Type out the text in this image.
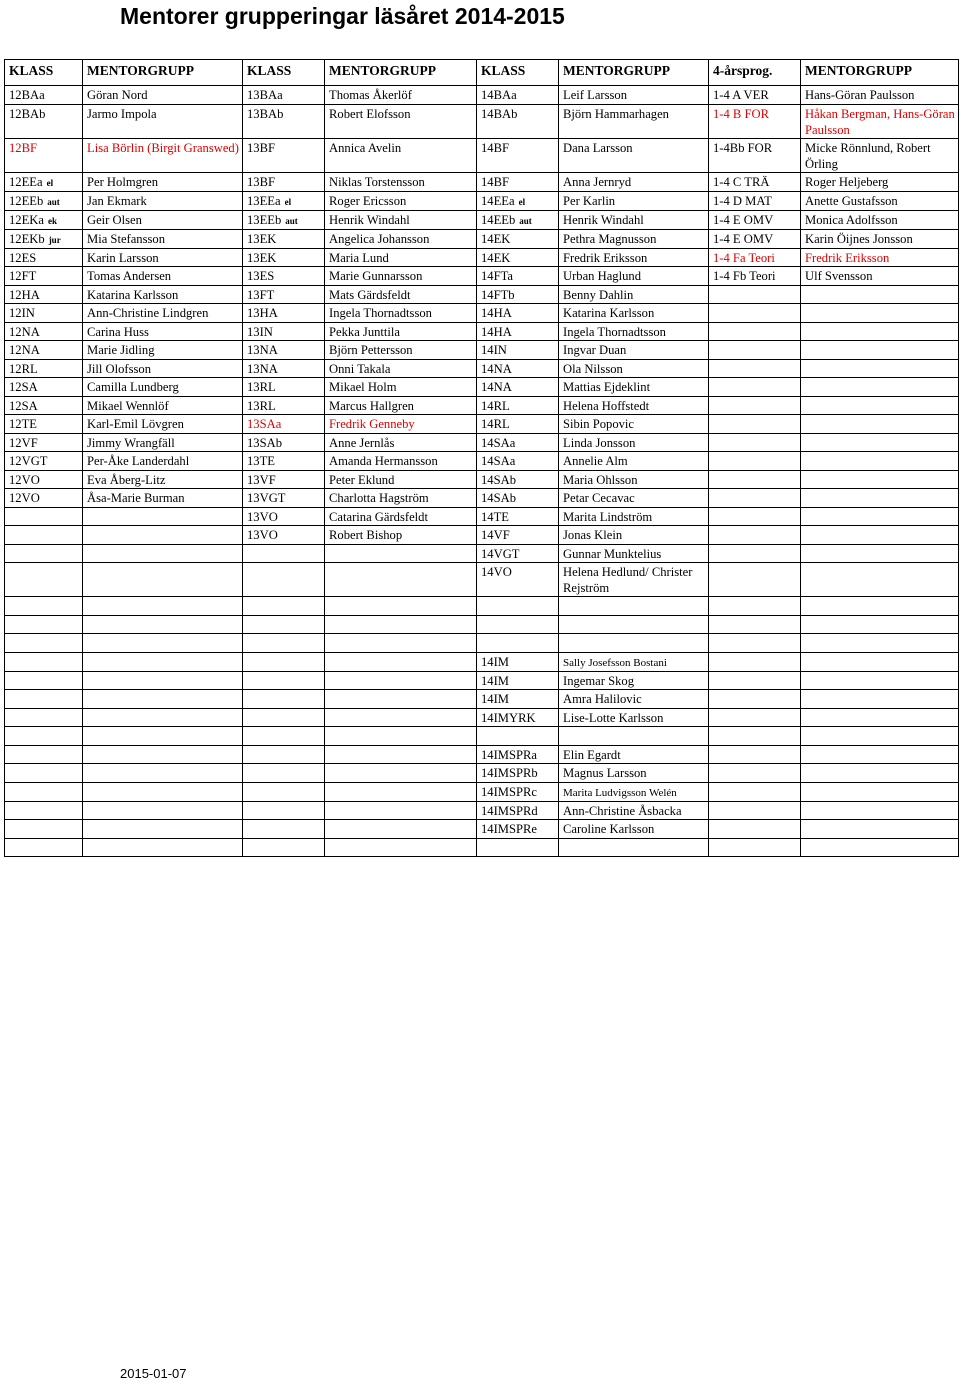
Mentorer grupperingar läsåret 2014-2015
KLASS	MENTORGRUPP	KLASS	MENTORGRUPP	KLASS	MENTORGRUPP	4-årsprog.	MENTORGRUPP
12BAa	Göran Nord	13BAa	Thomas Åkerlöf	14BAa	Leif Larsson	1-4 A VER	Hans-Göran Paulsson
12BAb	Jarmo Impola	13BAb	Robert Elofsson	14BAb	Björn Hammarhagen	1-4 B FOR	Håkan Bergman, Hans-Göran Paulsson
12BF	Lisa Börlin (Birgit Granswed)	13BF	Annica Avelin	14BF	Dana Larsson	1-4Bb FOR	Micke Rönnlund, Robert Örling
12EEa el	Per Holmgren	13BF	Niklas Torstensson	14BF	Anna Jernryd	1-4 C TRÄ	Roger Heljeberg
12EEb aut	Jan Ekmark	13EEa el	Roger Ericsson	14EEa el	Per Karlin	1-4 D MAT	Anette Gustafsson
12EKa ek	Geir Olsen	13EEb aut	Henrik Windahl	14EEb aut	Henrik Windahl	1-4 E OMV	Monica Adolfsson
12EKb jur	Mia Stefansson	13EK	Angelica Johansson	14EK	Pethra Magnusson	1-4 E OMV	Karin Öijnes Jonsson
12ES	Karin Larsson	13EK	Maria Lund	14EK	Fredrik Eriksson	1-4 Fa Teori	Fredrik Eriksson
12FT	Tomas Andersen	13ES	Marie Gunnarsson	14FTa	Urban Haglund	1-4 Fb Teori	Ulf Svensson
12HA	Katarina Karlsson	13FT	Mats Gärdsfeldt	14FTb	Benny Dahlin		
12IN	Ann-Christine Lindgren	13HA	Ingela Thornadtsson	14HA	Katarina Karlsson		
12NA	Carina Huss	13IN	Pekka Junttila	14HA	Ingela Thornadtsson		
12NA	Marie Jidling	13NA	Björn Pettersson	14IN	Ingvar Duan		
12RL	Jill Olofsson	13NA	Onni Takala	14NA	Ola Nilsson		
12SA	Camilla Lundberg	13RL	Mikael Holm	14NA	Mattias Ejdeklint		
12SA	Mikael Wennlöf	13RL	Marcus Hallgren	14RL	Helena Hoffstedt		
12TE	Karl-Emil Lövgren	13SAa	Fredrik Genneby	14RL	Sibin Popovic		
12VF	Jimmy Wrangfäll	13SAb	Anne Jernlås	14SAa	Linda Jonsson		
12VGT	Per-Åke Landerdahl	13TE	Amanda Hermansson	14SAa	Annelie Alm		
12VO	Eva Åberg-Litz	13VF	Peter Eklund	14SAb	Maria Ohlsson		
12VO	Åsa-Marie Burman	13VGT	Charlotta Hagström	14SAb	Petar Cecavac		
		13VO	Catarina Gärdsfeldt	14TE	Marita Lindström		
		13VO	Robert Bishop	14VF	Jonas Klein		
				14VGT	Gunnar Munktelius		
				14VO	Helena Hedlund/ Christer Rejström		

				14IM	Sally Josefsson Bostani		
				14IM	Ingemar Skog		
				14IM	Amra Halilovic		
				14IMYRK	Lise-Lotte Karlsson		

				14IMSPRa	Elin Egardt		
				14IMSPRb	Magnus Larsson		
				14IMSPRc	Marita Ludvigsson Welén		
				14IMSPRd	Ann-Christine Åsbacka		
				14IMSPRe	Caroline Karlsson		

2015-01-07
